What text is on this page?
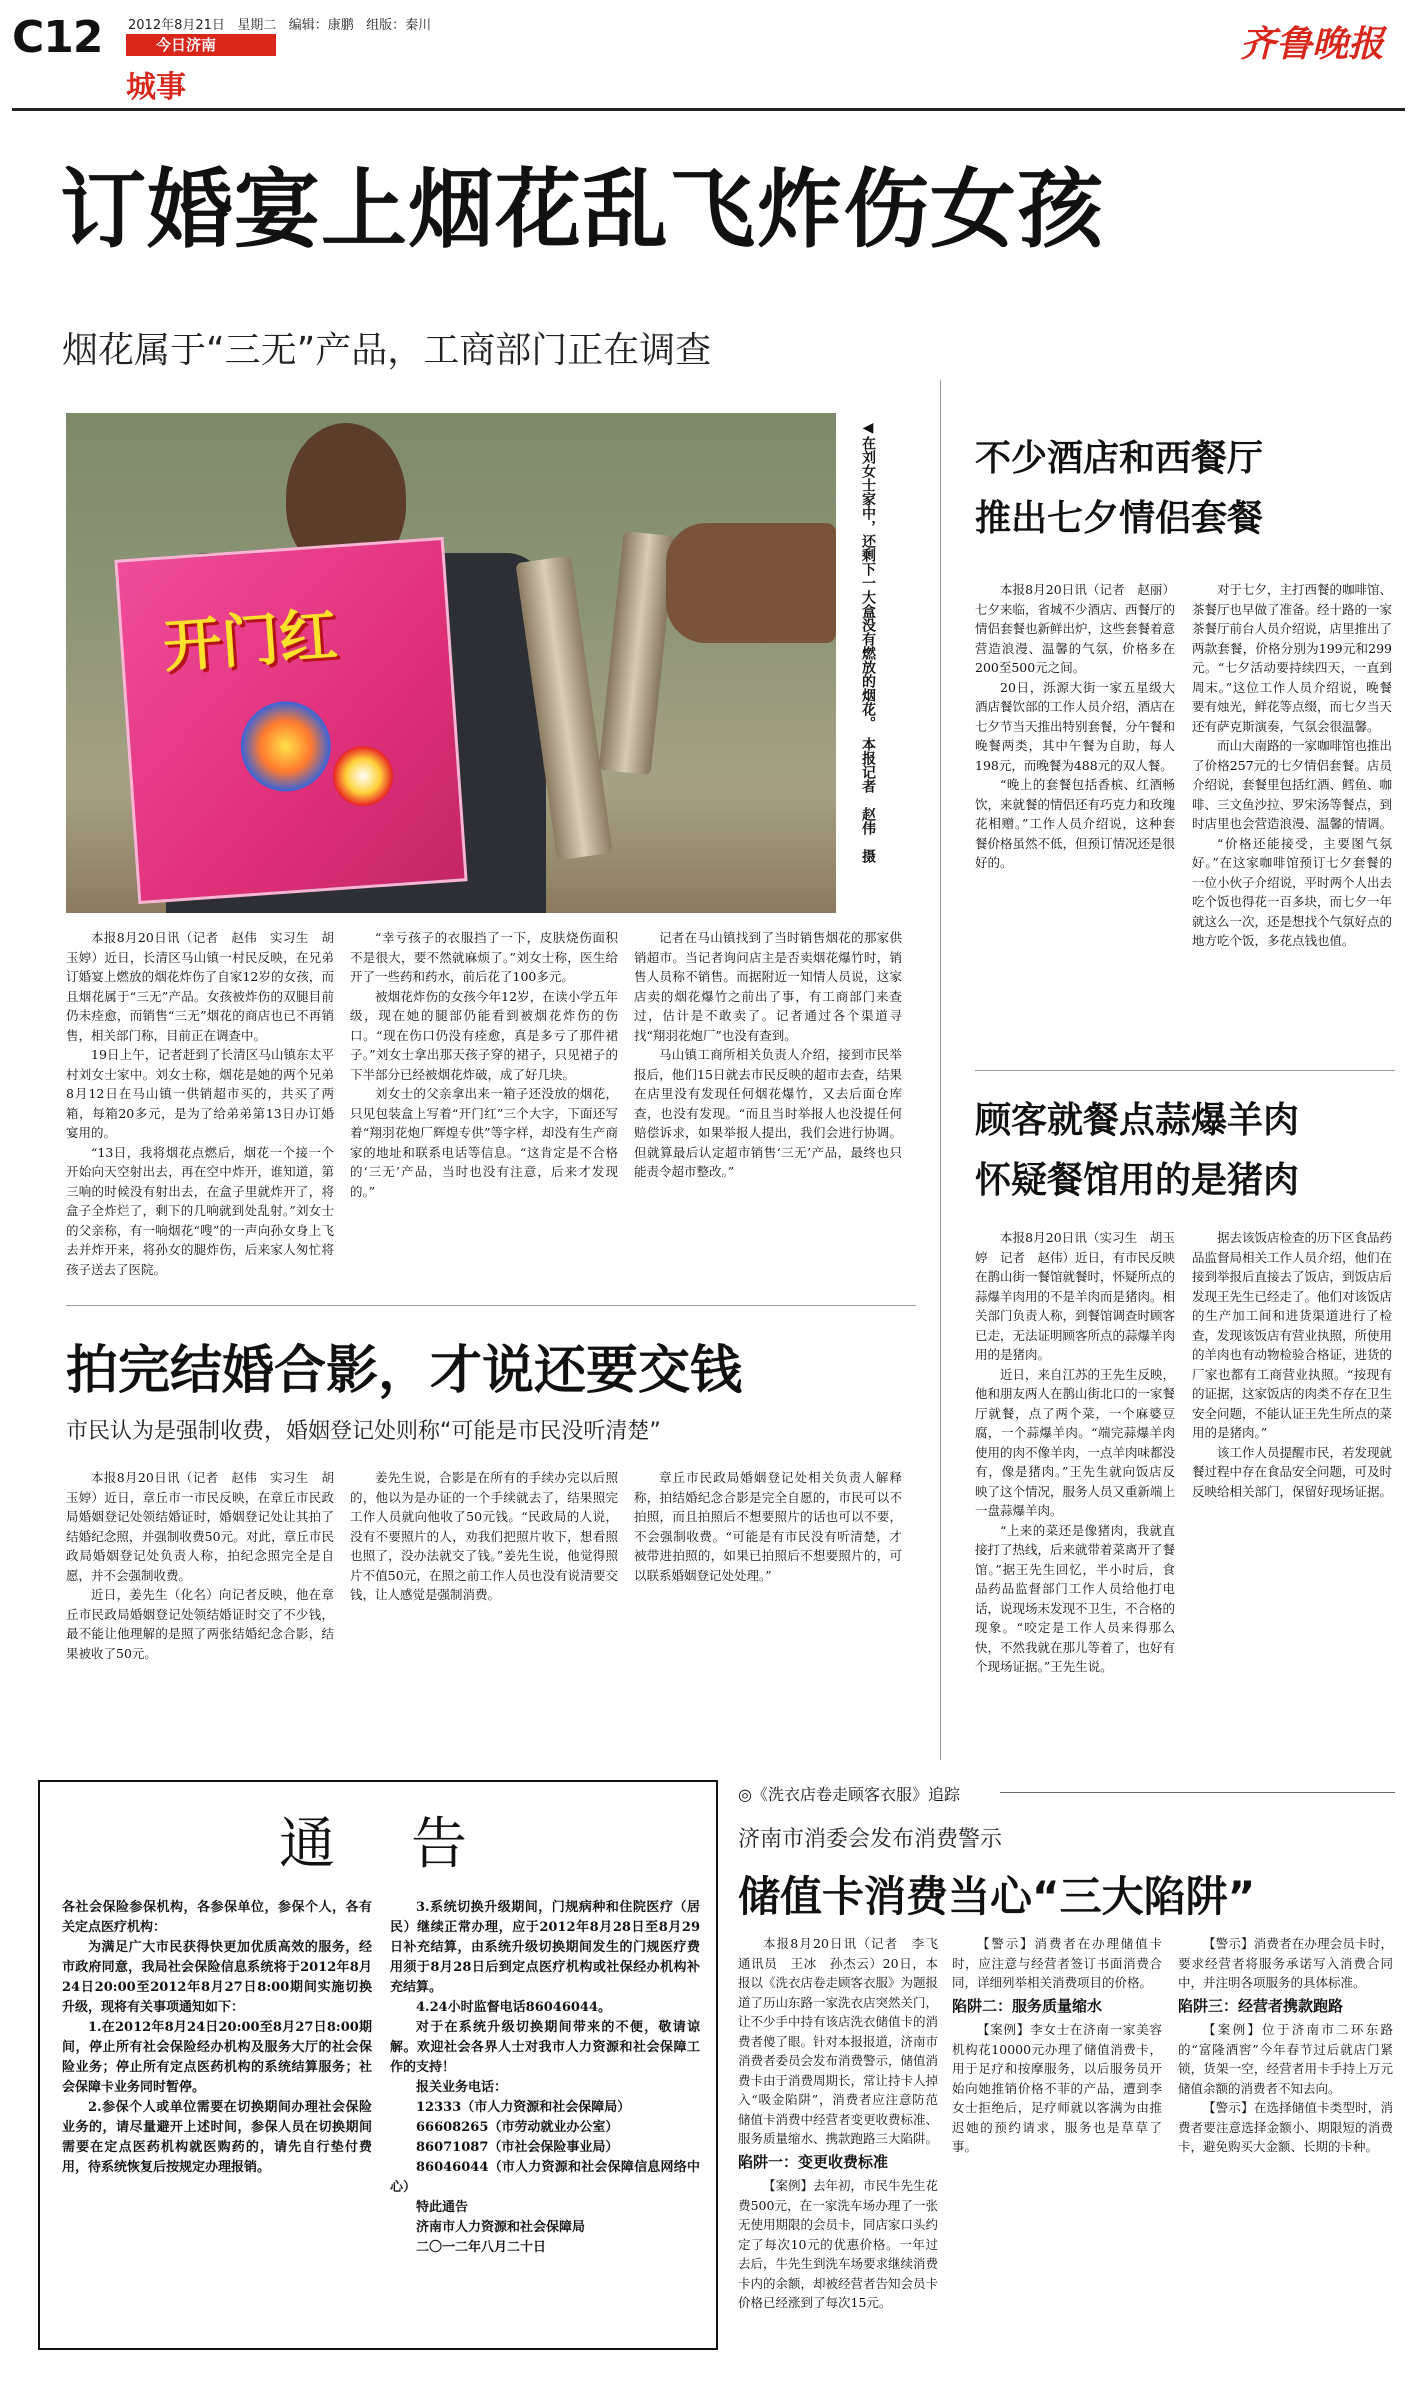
C12 2012年8月21日 星期二 编辑：康鹏 组版：秦川
今日济南
城事
齐鲁晚报
订婚宴上烟花乱飞炸伤女孩
烟花属于“三无”产品，工商部门正在调查
开门红	◀在刘女士家中，还剩下一大盒没有燃放的烟花。　本报记者　赵伟　摄

本报8月20日讯（记者　赵伟　实习生　胡玉婷）近日，长清区马山镇一村民反映，在兄弟订婚宴上燃放的烟花炸伤了自家12岁的女孩，而且烟花属于“三无”产品。女孩被炸伤的双腿目前仍未痊愈，而销售“三无”烟花的商店也已不再销售，相关部门称，目前正在调查中。

19日上午，记者赶到了长清区马山镇东太平村刘女士家中。刘女士称，烟花是她的两个兄弟8月12日在马山镇一供销超市买的，共买了两箱，每箱20多元，是为了给弟弟第13日办订婚宴用的。

“13日，我将烟花点燃后，烟花一个接一个开始向天空射出去，再在空中炸开，谁知道，第三响的时候没有射出去，在盒子里就炸开了，将盒子全炸烂了，剩下的几响就到处乱射。”刘女士的父亲称，有一响烟花“嗖”的一声向孙女身上飞去并炸开来，将孙女的腿炸伤，后来家人匆忙将孩子送去了医院。

“幸亏孩子的衣服挡了一下，皮肤烧伤面积不是很大，要不然就麻烦了。”刘女士称，医生给开了一些药和药水，前后花了100多元。

被烟花炸伤的女孩今年12岁，在读小学五年级，现在她的腿部仍能看到被烟花炸伤的伤口。“现在伤口仍没有痊愈，真是多亏了那件裙子。”刘女士拿出那天孩子穿的裙子，只见裙子的下半部分已经被烟花炸破，成了好几块。

刘女士的父亲拿出来一箱子还没放的烟花，只见包装盒上写着“开门红”三个大字，下面还写着“翔羽花炮厂辉煌专供”等字样，却没有生产商家的地址和联系电话等信息。“这肯定是不合格的‘三无’产品，当时也没有注意，后来才发现的。”

记者在马山镇找到了当时销售烟花的那家供销超市。当记者询问店主是否卖烟花爆竹时，销售人员称不销售。而据附近一知情人员说，这家店卖的烟花爆竹之前出了事，有工商部门来查过，估计是不敢卖了。记者通过各个渠道寻找“翔羽花炮厂”也没有查到。

马山镇工商所相关负责人介绍，接到市民举报后，他们15日就去市民反映的超市去查，结果在店里没有发现任何烟花爆竹，又去后面仓库查，也没有发现。“而且当时举报人也没提任何赔偿诉求，如果举报人提出，我们会进行协调。但就算最后认定超市销售‘三无’产品，最终也只能责令超市整改。”

拍完结婚合影，才说还要交钱
市民认为是强制收费，婚姻登记处则称“可能是市民没听清楚”

本报8月20日讯（记者　赵伟　实习生　胡玉婷）近日，章丘市一市民反映，在章丘市民政局婚姻登记处领结婚证时，婚姻登记处让其拍了结婚纪念照，并强制收费50元。对此，章丘市民政局婚姻登记处负责人称，拍纪念照完全是自愿，并不会强制收费。

近日，姜先生（化名）向记者反映，他在章丘市民政局婚姻登记处领结婚证时交了不少钱，最不能让他理解的是照了两张结婚纪念合影，结果被收了50元。

姜先生说，合影是在所有的手续办完以后照的，他以为是办证的一个手续就去了，结果照完工作人员就向他收了50元钱。“民政局的人说，没有不要照片的人，劝我们把照片收下，想看照也照了，没办法就交了钱。”姜先生说，他觉得照片不值50元，在照之前工作人员也没有说清要交钱，让人感觉是强制消费。

章丘市民政局婚姻登记处相关负责人解释称，拍结婚纪念合影是完全自愿的，市民可以不拍照，而且拍照后不想要照片的话也可以不要，不会强制收费。“可能是有市民没有听清楚，才被带进拍照的，如果已拍照后不想要照片的，可以联系婚姻登记处处理。”

不少酒店和西餐厅
推出七夕情侣套餐

本报8月20日讯（记者　赵丽）七夕来临，省城不少酒店、西餐厅的情侣套餐也新鲜出炉，这些套餐着意营造浪漫、温馨的气氛，价格多在200至500元之间。

20日，泺源大街一家五星级大酒店餐饮部的工作人员介绍，酒店在七夕节当天推出特别套餐，分午餐和晚餐两类，其中午餐为自助，每人198元，而晚餐为488元的双人餐。

“晚上的套餐包括香槟、红酒畅饮，来就餐的情侣还有巧克力和玫瑰花相赠。”工作人员介绍说，这种套餐价格虽然不低，但预订情况还是很好的。

对于七夕，主打西餐的咖啡馆、茶餐厅也早做了准备。经十路的一家茶餐厅前台人员介绍说，店里推出了两款套餐，价格分别为199元和299元。“七夕活动要持续四天，一直到周末。”这位工作人员介绍说，晚餐要有烛光，鲜花等点缀，而七夕当天还有萨克斯演奏，气氛会很温馨。

而山大南路的一家咖啡馆也推出了价格257元的七夕情侣套餐。店员介绍说，套餐里包括红酒、鳕鱼、咖啡、三文鱼沙拉、罗宋汤等餐点，到时店里也会营造浪漫、温馨的情调。

“价格还能接受，主要图气氛好。”在这家咖啡馆预订七夕套餐的一位小伙子介绍说，平时两个人出去吃个饭也得花一百多块，而七夕一年就这么一次，还是想找个气氛好点的地方吃个饭，多花点钱也值。

顾客就餐点蒜爆羊肉
怀疑餐馆用的是猪肉

本报8月20日讯（实习生　胡玉婷　记者　赵伟）近日，有市民反映在鹊山街一餐馆就餐时，怀疑所点的蒜爆羊肉用的不是羊肉而是猪肉。相关部门负责人称，到餐馆调查时顾客已走，无法证明顾客所点的蒜爆羊肉用的是猪肉。

近日，来自江苏的王先生反映，他和朋友两人在鹊山街北口的一家餐厅就餐，点了两个菜，一个麻婆豆腐，一个蒜爆羊肉。“端完蒜爆羊肉使用的肉不像羊肉，一点羊肉味都没有，像是猪肉。”王先生就向饭店反映了这个情况，服务人员又重新端上一盘蒜爆羊肉。

“上来的菜还是像猪肉，我就直接打了热线，后来就带着菜离开了餐馆。”据王先生回忆，半小时后，食品药品监督部门工作人员给他打电话，说现场未发现不卫生，不合格的现象。“咬定是工作人员来得那么快，不然我就在那儿等着了，也好有个现场证据。”王先生说。

据去该饭店检查的历下区食品药品监督局相关工作人员介绍，他们在接到举报后直接去了饭店，到饭店后发现王先生已经走了。他们对该饭店的生产加工间和进货渠道进行了检查，发现该饭店有营业执照，所使用的羊肉也有动物检验合格证，进货的厂家也都有工商营业执照。“按现有的证据，这家饭店的肉类不存在卫生安全问题，不能认证王先生所点的菜用的是猪肉。”

该工作人员提醒市民，若发现就餐过程中存在食品安全问题，可及时反映给相关部门，保留好现场证据。

通　告

各社会保险参保机构，各参保单位，参保个人，各有关定点医疗机构：

为满足广大市民获得快更加优质高效的服务，经市政府同意，我局社会保险信息系统将于2012年8月24日20:00至2012年8月27日8:00期间实施切换升级，现将有关事项通知如下：

1.在2012年8月24日20:00至8月27日8:00期间，停止所有社会保险经办机构及服务大厅的社会保险业务；停止所有定点医药机构的系统结算服务；社会保障卡业务同时暂停。

2.参保个人或单位需要在切换期间办理社会保险业务的，请尽量避开上述时间，参保人员在切换期间需要在定点医药机构就医购药的，请先自行垫付费用，待系统恢复后按规定办理报销。

3.系统切换升级期间，门规病种和住院医疗（居民）继续正常办理，应于2012年8月28日至8月29日补充结算，由系统升级切换期间发生的门规医疗费用须于8月28日后到定点医疗机构或社保经办机构补充结算。

4.24小时监督电话86046044。

对于在系统升级切换期间带来的不便，敬请谅解。欢迎社会各界人士对我市人力资源和社会保障工作的支持！

报关业务电话：

12333（市人力资源和社会保障局）

66608265（市劳动就业办公室）

86071087（市社会保险事业局）

86046044（市人力资源和社会保障信息网络中心）

特此通告

济南市人力资源和社会保障局

二〇一二年八月二十日

◎《洗衣店卷走顾客衣服》追踪
济南市消委会发布消费警示
储值卡消费当心“三大陷阱”

本报8月20日讯（记者　李飞　通讯员　王冰　孙杰云）20日，本报以《洗衣店卷走顾客衣服》为题报道了历山东路一家洗衣店突然关门，让不少手中持有该店洗衣储值卡的消费者傻了眼。针对本报报道，济南市消费者委员会发布消费警示，储值消费卡由于消费周期长，常让持卡人掉入“吸金陷阱”，消费者应注意防范储值卡消费中经营者变更收费标准、服务质量缩水、携款跑路三大陷阱。

陷阱一：变更收费标准

【案例】去年初，市民牛先生花费500元，在一家洗车场办理了一张无使用期限的会员卡，同店家口头约定了每次10元的优惠价格。一年过去后，牛先生到洗车场要求继续消费卡内的余额，却被经营者告知会员卡价格已经涨到了每次15元。

【警示】消费者在办理储值卡时，应注意与经营者签订书面消费合同，详细列举相关消费项目的价格。

陷阱二：服务质量缩水

【案例】李女士在济南一家美容机构花10000元办理了储值消费卡，用于足疗和按摩服务，以后服务员开始向她推销价格不菲的产品，遭到李女士拒绝后，足疗师就以客满为由推迟她的预约请求，服务也是草草了事。

【警示】消费者在办理会员卡时，要求经营者将服务承诺写入消费合同中，并注明各项服务的具体标准。

陷阱三：经营者携款跑路

【案例】位于济南市二环东路的“富隆酒窖”今年春节过后就店门紧锁，货架一空，经营者用卡手持上万元储值余额的消费者不知去向。

【警示】在选择储值卡类型时，消费者要注意选择金额小、期限短的消费卡，避免购买大金额、长期的卡种。
